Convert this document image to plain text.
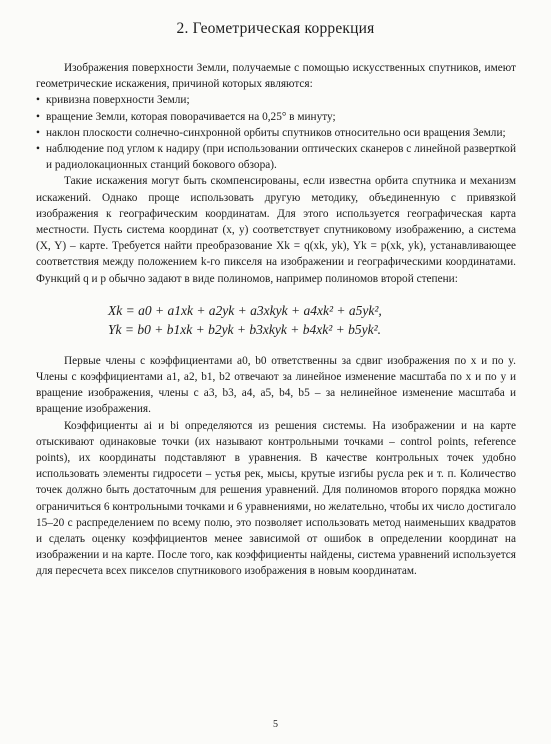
2. Геометрическая коррекция

Изображения поверхности Земли, получаемые с помощью искусственных спутников, имеют геометрические искажения, причиной которых являются:

• кривизна поверхности Земли;
• вращение Земли, которая поворачивается на 0,25° в минуту;
• наклон плоскости солнечно-синхронной орбиты спутников относительно оси вращения Земли;
• наблюдение под углом к надиру (при использовании оптических сканеров с линейной разверткой и радиолокационных станций бокового обзора).

Такие искажения могут быть скомпенсированы, если известна орбита спутника и механизм искажений. Однако проще использовать другую методику, объединенную с привязкой изображения к географическим координатам. Для этого используется географическая карта местности. Пусть система координат (x, y) соответствует спутниковому изображению, а система (X, Y) – карте. Требуется найти преобразование Xk = q(xk, yk), Yk = p(xk, yk), устанавливающее соответствия между положением k-го пикселя на изображении и географическими координатами. Функций q и p обычно задают в виде полиномов, например полиномов второй степени:

Xk = a0 + a1xk + a2yk + a3xkyk + a4xk² + a5yk²,
Yk = b0 + b1xk + b2yk + b3xkyk + b4xk² + b5yk².

Первые члены с коэффициентами a0, b0 ответственны за сдвиг изображения по x и по y. Члены с коэффициентами a1, a2, b1, b2 отвечают за линейное изменение масштаба по x и по y и вращение изображения, члены с a3, b3, a4, a5, b4, b5 – за нелинейное изменение масштаба и вращение изображения.

Коэффициенты ai и bi определяются из решения системы. На изображении и на карте отыскивают одинаковые точки (их называют контрольными точками – control points, reference points), их координаты подставляют в уравнения. В качестве контрольных точек удобно использовать элементы гидросети – устья рек, мысы, крутые изгибы русла рек и т. п. Количество точек должно быть достаточным для решения уравнений. Для полиномов второго порядка можно ограничиться 6 контрольными точками и 6 уравнениями, но желательно, чтобы их число достигало 15–20 с распределением по всему полю, это позволяет использовать метод наименьших квадратов и сделать оценку коэффициентов менее зависимой от ошибок в определении координат на изображении и на карте. После того, как коэффициенты найдены, система уравнений используется для пересчета всех пикселов спутникового изображения в новым координатам.

5
